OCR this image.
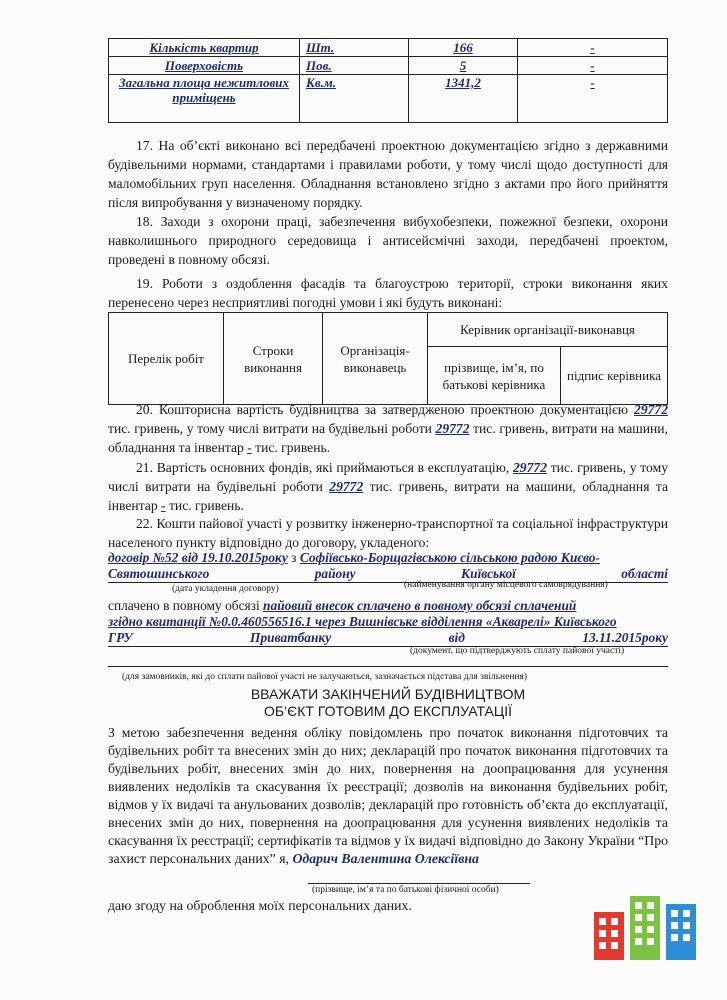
Кількість квартир	Шт.	166	-
Поверховість	Пов.	5	-
Загальна площа нежитлових приміщень	Кв.м.	1341,2	-
17. На об’єкті виконано всі передбачені проектною документацією згідно з державними будівельними нормами, стандартами і правилами роботи, у тому числі щодо доступності для маломобільних груп населення. Обладнання встановлено згідно з актами про його прийняття після випробування у визначеному порядку.
18. Заходи з охорони праці, забезпечення вибухобезпеки, пожежної безпеки, охорони навколишнього природного середовища і антисейсмічні заходи, передбачені проектом, проведені в повному обсязі.
19. Роботи з оздоблення фасадів та благоустрою території, строки виконання яких перенесено через несприятливі погодні умови і які будуть виконані:
Перелік робіт	Строки виконання	Організація-виконавець	Керівник організації-виконавця	
			прізвище, ім’я, по батькові керівника	підпис керівника
20. Кошторисна вартість будівництва за затвердженою проектною документацією 29772 тис. гривень, у тому числі витрати на будівельні роботи 29772 тис. гривень, витрати на машини, обладнання та інвентар - тис. гривень.
21. Вартість основних фондів, які приймаються в експлуатацію, 29772 тис. гривень, у тому числі витрати на будівельні роботи 29772 тис. гривень, витрати на машини, обладнання та інвентар - тис. гривень.
22. Кошти пайової участі у розвитку інженерно-транспортної та соціальної інфраструктури населеного пункту відповідно до договору, укладеного:
договір №52 від 19.10.2015року з Софіївсько-Борщагівською сільською радою Києво-
Святошинського	району	Київської	області
(дата укладення договору)	(найменування органу місцевого самоврядування)
сплачено в повному обсязі пайовий внесок сплачено в повному обсязі сплачений
згідно квитанції №0.0.460556516.1 через Вишнівське відділення «Акварелі» Київського
ГРУ	Приватбанку	від	13.11.2015року
(документ, що підтверджують сплату пайової участі)
(для замовників, які до сплати пайової участі не залучаються, зазначається підстава для звільнення)
ВВАЖАТИ ЗАКІНЧЕНИЙ БУДІВНИЦТВОМ
ОБ’ЄКТ ГОТОВИМ ДО ЕКСПЛУАТАЦІЇ
З метою забезпечення ведення обліку повідомлень про початок виконання підготовчих та будівельних робіт та внесених змін до них; декларацій про початок виконання підготовчих та будівельних робіт, внесених змін до них, повернення на доопрацювання для усунення виявлених недоліків та скасування їх реєстрації; дозволів на виконання будівельних робіт, відмов у їх видачі та анульованих дозволів; декларацій про готовність об’єкта до експлуатації, внесених змін до них, повернення на доопрацювання для усунення виявлених недоліків та скасування їх реєстрації; сертифікатів та відмов у їх видачі відповідно до Закону України “Про захист персональних даних” я, Одарич Валентина Олексіївна
(прізвище, ім’я та по батькові фізичної особи)
даю згоду на оброблення моїх персональних даних.
